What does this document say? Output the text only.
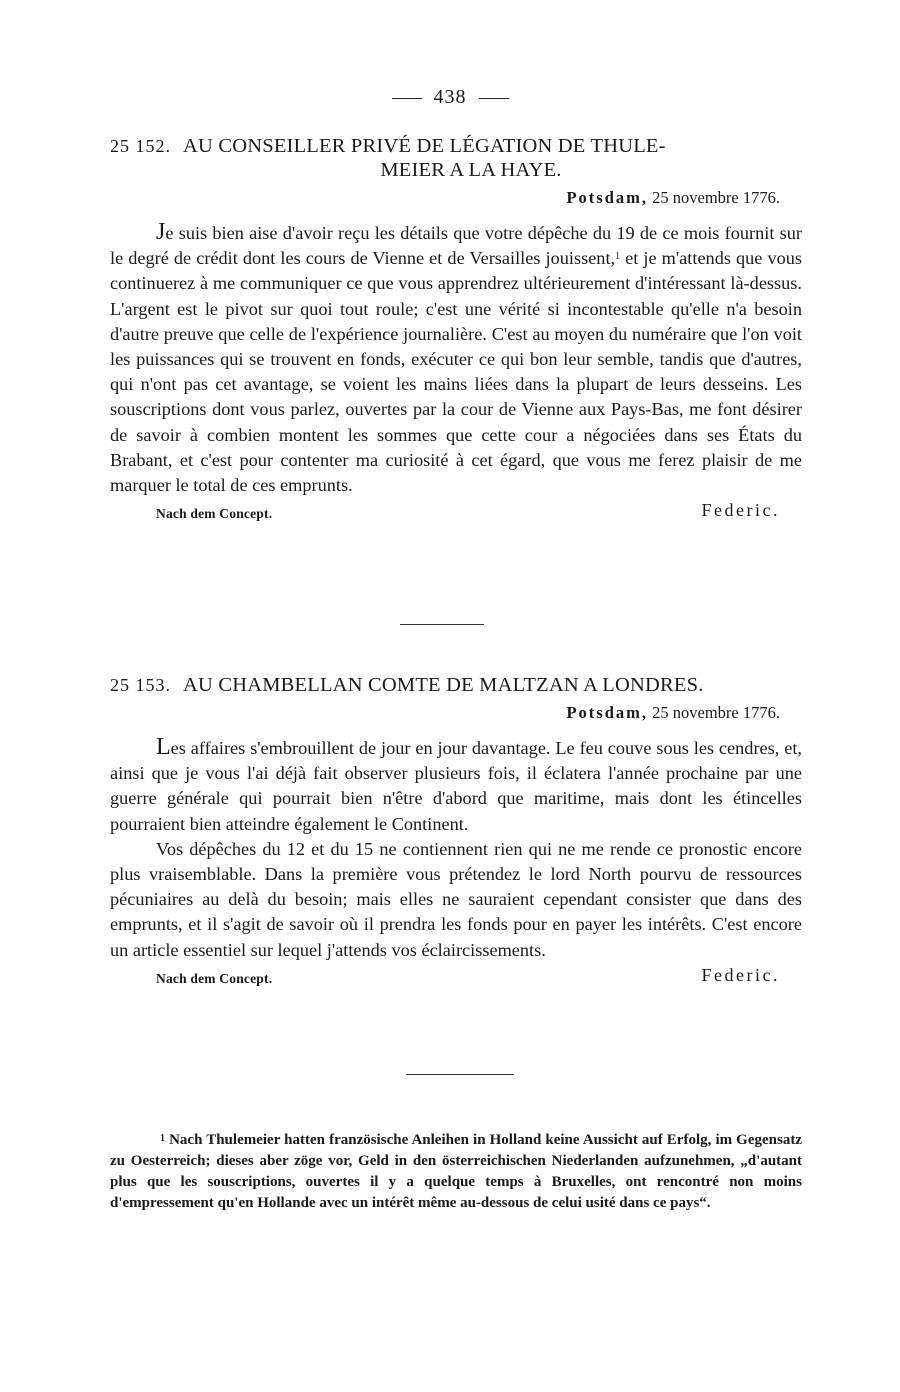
438
25 152. AU CONSEILLER PRIVÉ DE LÉGATION DE THULE-
MEIER A LA HAYE.
Potsdam, 25 novembre 1776.

Je suis bien aise d'avoir reçu les détails que votre dépêche du 19 de ce mois fournit sur le degré de crédit dont les cours de Vienne et de Versailles jouissent,$^1$ et je m'attends que vous continuerez à me communiquer ce que vous apprendrez ultérieurement d'intéressant là-dessus. L'argent est le pivot sur quoi tout roule; c'est une vérité si incontestable qu'elle n'a besoin d'autre preuve que celle de l'expérience journalière. C'est au moyen du numéraire que l'on voit les puissances qui se trouvent en fonds, exécuter ce qui bon leur semble, tandis que d'autres, qui n'ont pas cet avantage, se voient les mains liées dans la plupart de leurs desseins. Les souscriptions dont vous parlez, ouvertes par la cour de Vienne aux Pays-Bas, me font désirer de savoir à combien montent les sommes que cette cour a négociées dans ses États du Brabant, et c'est pour contenter ma curiosité à cet égard, que vous me ferez plaisir de me marquer le total de ces emprunts.

Nach dem Concept.	Federic.
25 153. AU CHAMBELLAN COMTE DE MALTZAN A LONDRES.
Potsdam, 25 novembre 1776.

Les affaires s'embrouillent de jour en jour davantage. Le feu couve sous les cendres, et, ainsi que je vous l'ai déjà fait observer plusieurs fois, il éclatera l'année prochaine par une guerre générale qui pourrait bien n'être d'abord que maritime, mais dont les étincelles pourraient bien atteindre également le Continent.

Vos dépêches du 12 et du 15 ne contiennent rien qui ne me rende ce pronostic encore plus vraisemblable. Dans la première vous prétendez le lord North pourvu de ressources pécuniaires au delà du besoin; mais elles ne sauraient cependant consister que dans des emprunts, et il s'agit de savoir où il prendra les fonds pour en payer les intérêts. C'est encore un article essentiel sur lequel j'attends vos éclaircissements.

Nach dem Concept.	Federic.

$^1$ Nach Thulemeier hatten französische Anleihen in Holland keine Aussicht auf Erfolg, im Gegensatz zu Oesterreich; dieses aber zöge vor, Geld in den österreichischen Niederlanden aufzunehmen, „d'autant plus que les souscriptions, ouvertes il y a quelque temps à Bruxelles, ont rencontré non moins d'empressement qu'en Hollande avec un intérêt même au-dessous de celui usité dans ce pays“.
